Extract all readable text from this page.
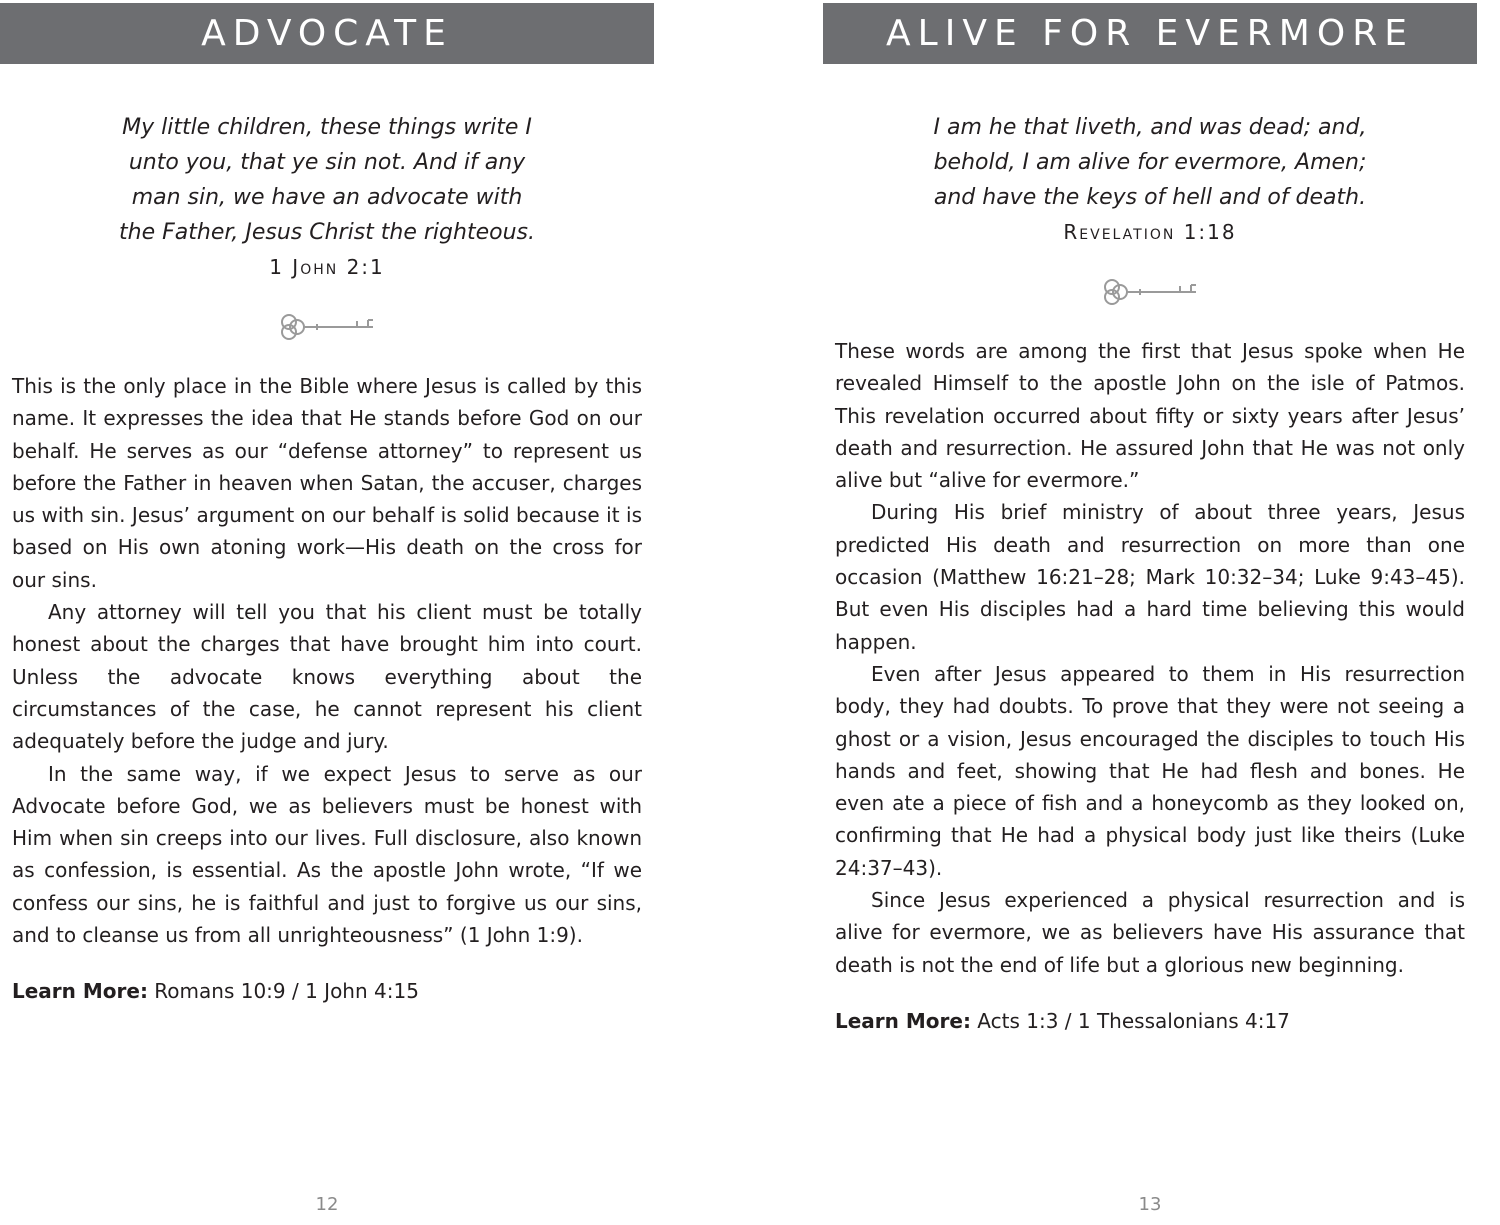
ADVOCATE
My little children, these things write I
unto you, that ye sin not. And if any
man sin, we have an advocate with
the Father, Jesus Christ the righteous.
1 John 2:1

This is the only place in the Bible where Jesus is called by this name. It expresses the idea that He stands before God on our behalf. He serves as our “defense attorney” to represent us before the Father in heaven when Satan, the accuser, charges us with sin. Jesus’ argument on our behalf is solid because it is based on His own atoning work—His death on the cross for our sins.

Any attorney will tell you that his client must be totally honest about the charges that have brought him into court. Unless the advocate knows everything about the circumstances of the case, he cannot represent his client adequately before the judge and jury.

In the same way, if we expect Jesus to serve as our Advocate before God, we as believers must be honest with Him when sin creeps into our lives. Full disclosure, also known as confession, is essential. As the apostle John wrote, “If we confess our sins, he is faithful and just to forgive us our sins, and to cleanse us from all unrighteousness” (1 John 1:9).

Learn More: Romans 10:9 / 1 John 4:15
12
ALIVE FOR EVERMORE
I am he that liveth, and was dead; and,
behold, I am alive for evermore, Amen;
and have the keys of hell and of death.
Revelation 1:18

These words are among the first that Jesus spoke when He revealed Himself to the apostle John on the isle of Patmos. This revelation occurred about fifty or sixty years after Jesus’ death and resurrection. He assured John that He was not only alive but “alive for evermore.”

During His brief ministry of about three years, Jesus predicted His death and resurrection on more than one occasion (Matthew 16:21–28; Mark 10:32–34; Luke 9:43–45). But even His disciples had a hard time believing this would happen.

Even after Jesus appeared to them in His resurrection body, they had doubts. To prove that they were not seeing a ghost or a vision, Jesus encouraged the disciples to touch His hands and feet, showing that He had flesh and bones. He even ate a piece of fish and a honeycomb as they looked on, confirming that He had a physical body just like theirs (Luke 24:37–43).

Since Jesus experienced a physical resurrection and is alive for evermore, we as believers have His assurance that death is not the end of life but a glorious new beginning.

Learn More: Acts 1:3 / 1 Thessalonians 4:17
13
